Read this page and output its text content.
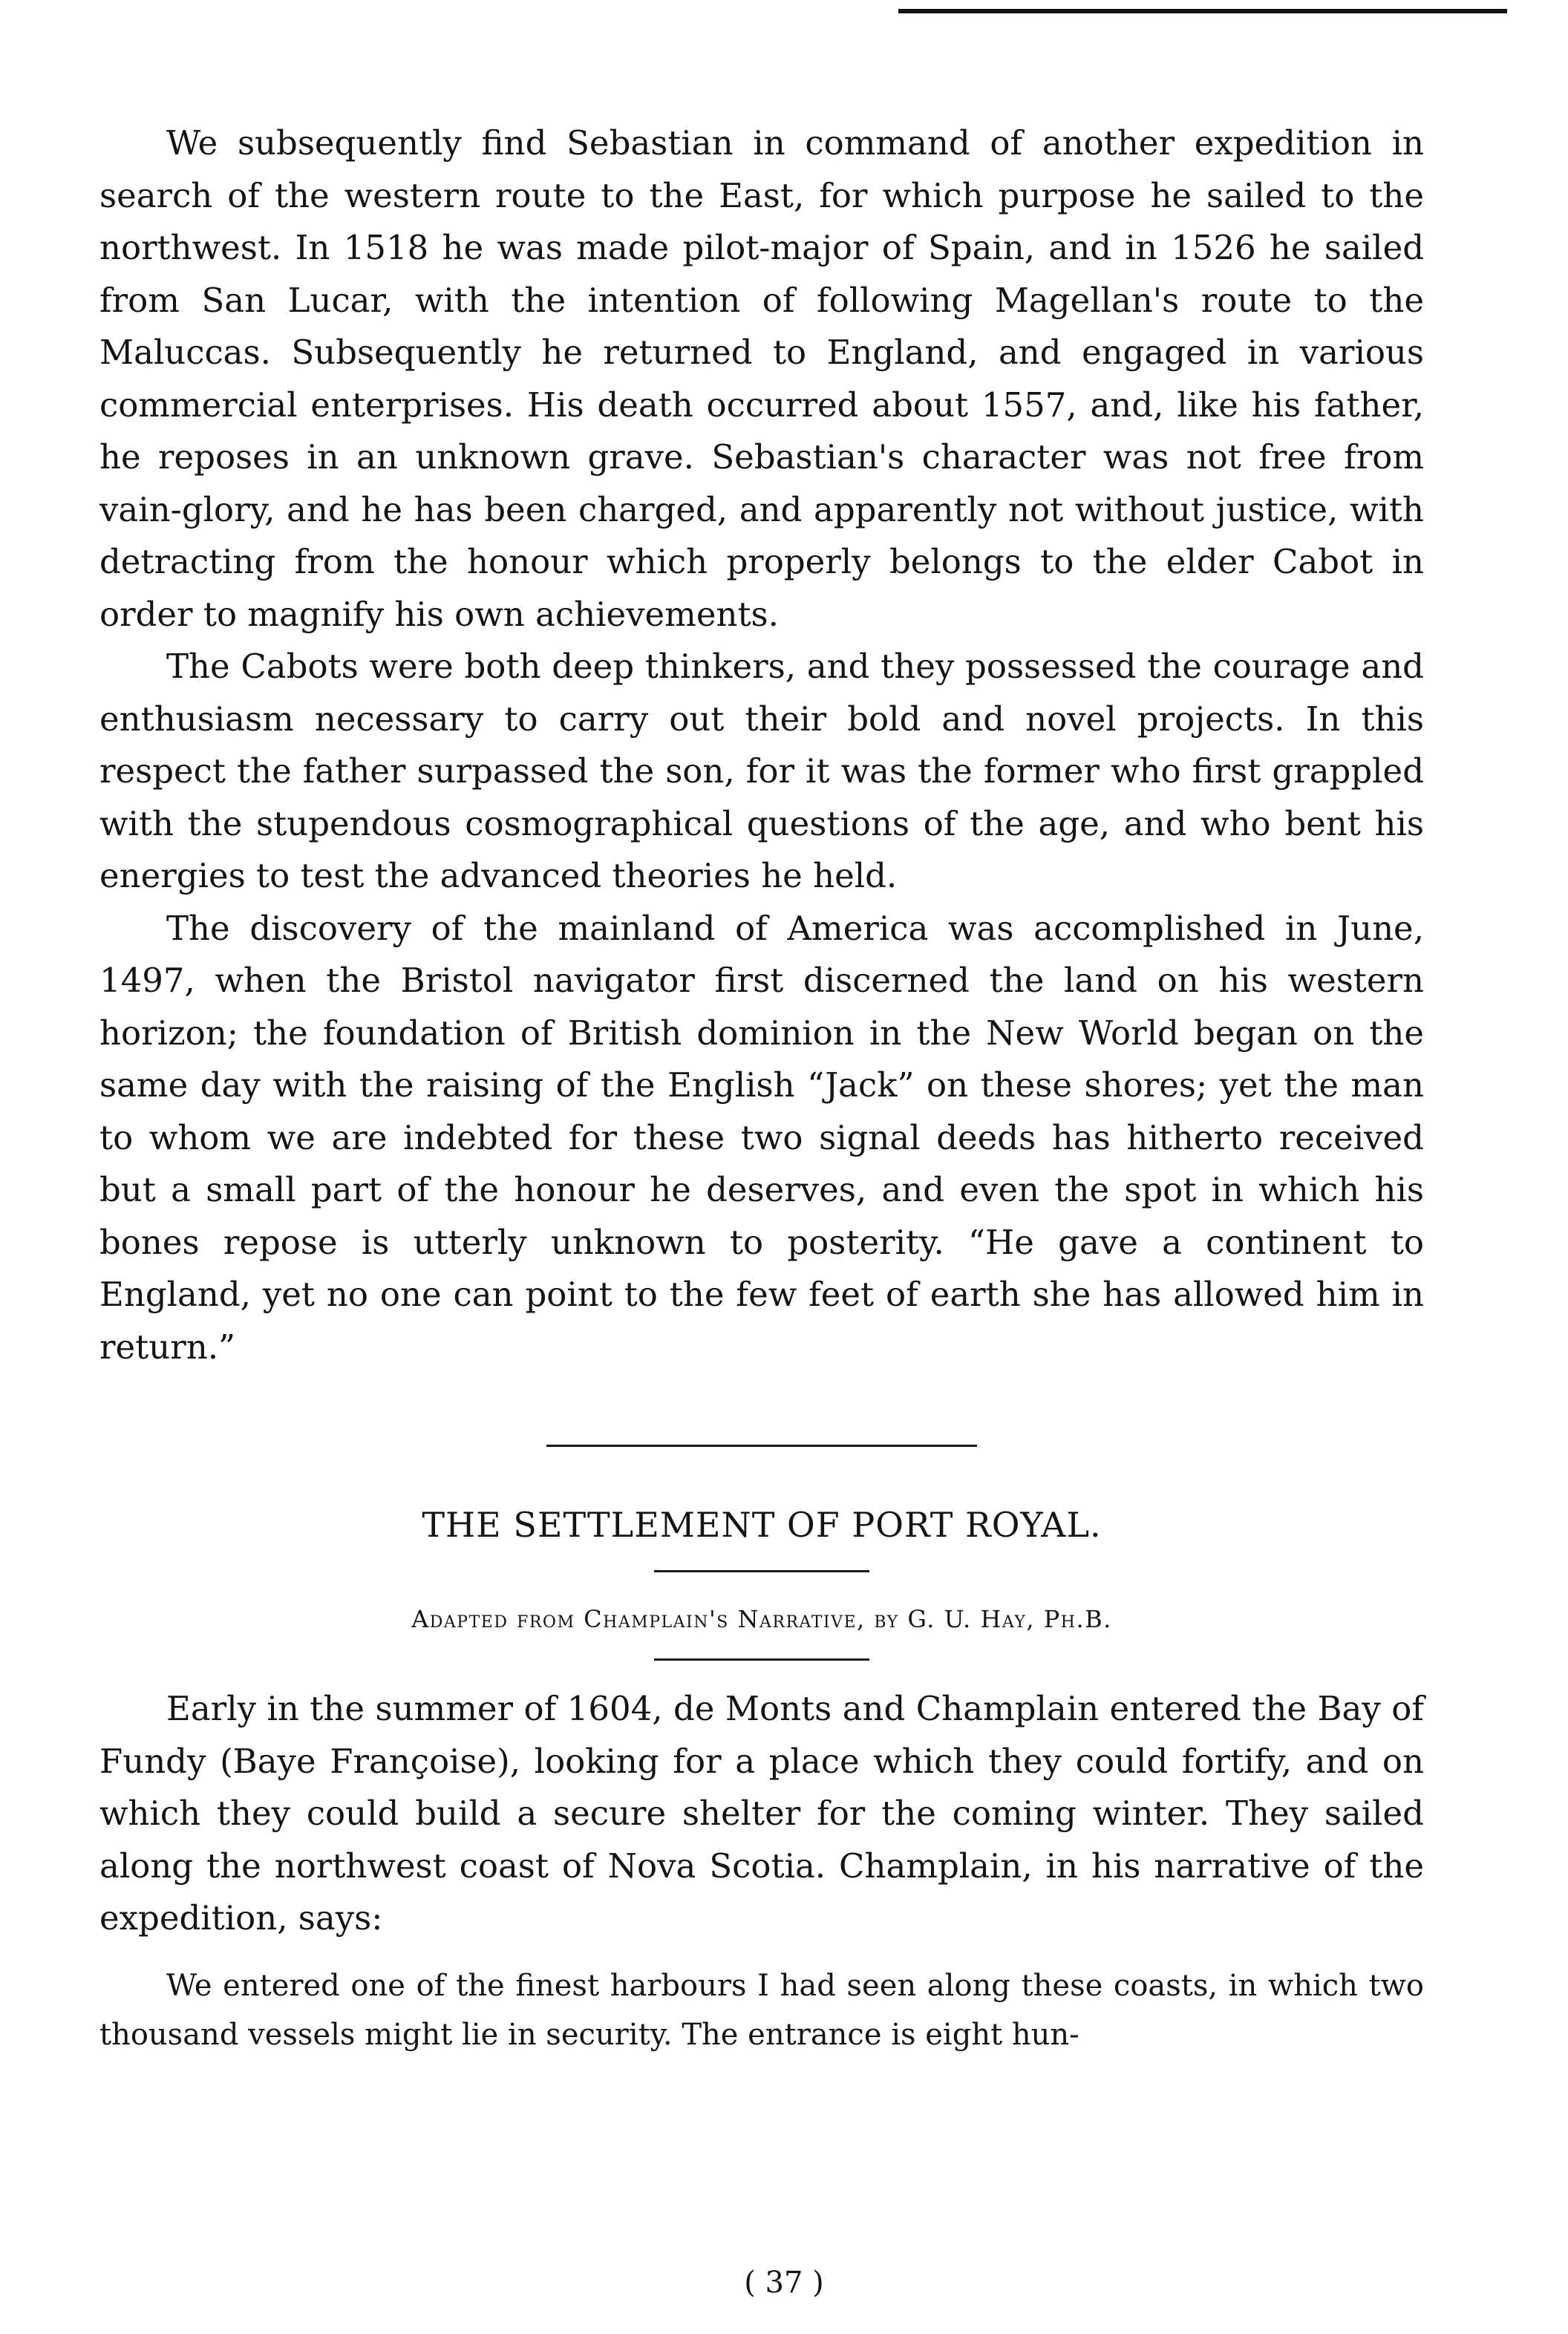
We subsequently find Sebastian in command of another expedition in search of the western route to the East, for which purpose he sailed to the northwest. In 1518 he was made pilot-major of Spain, and in 1526 he sailed from San Lucar, with the intention of following Magellan's route to the Maluccas. Subsequently he returned to England, and engaged in various commercial enterprises. His death occurred about 1557, and, like his father, he reposes in an unknown grave. Sebastian's character was not free from vain-glory, and he has been charged, and apparently not without justice, with detracting from the honour which properly belongs to the elder Cabot in order to magnify his own achievements.

The Cabots were both deep thinkers, and they possessed the courage and enthusiasm necessary to carry out their bold and novel projects. In this respect the father surpassed the son, for it was the former who first grappled with the stupendous cosmographical questions of the age, and who bent his energies to test the advanced theories he held.

The discovery of the mainland of America was accomplished in June, 1497, when the Bristol navigator first discerned the land on his western horizon; the foundation of British dominion in the New World began on the same day with the raising of the English “Jack” on these shores; yet the man to whom we are indebted for these two signal deeds has hitherto received but a small part of the honour he deserves, and even the spot in which his bones repose is utterly unknown to posterity. “He gave a continent to England, yet no one can point to the few feet of earth she has allowed him in return.”

THE SETTLEMENT OF PORT ROYAL.

Adapted from Champlain's Narrative, by G. U. Hay, Ph.B.

Early in the summer of 1604, de Monts and Champlain entered the Bay of Fundy (Baye Françoise), looking for a place which they could fortify, and on which they could build a secure shelter for the coming winter. They sailed along the northwest coast of Nova Scotia. Champlain, in his narrative of the expedition, says:

We entered one of the finest harbours I had seen along these coasts, in which two thousand vessels might lie in security. The entrance is eight hun-

( 37 )
